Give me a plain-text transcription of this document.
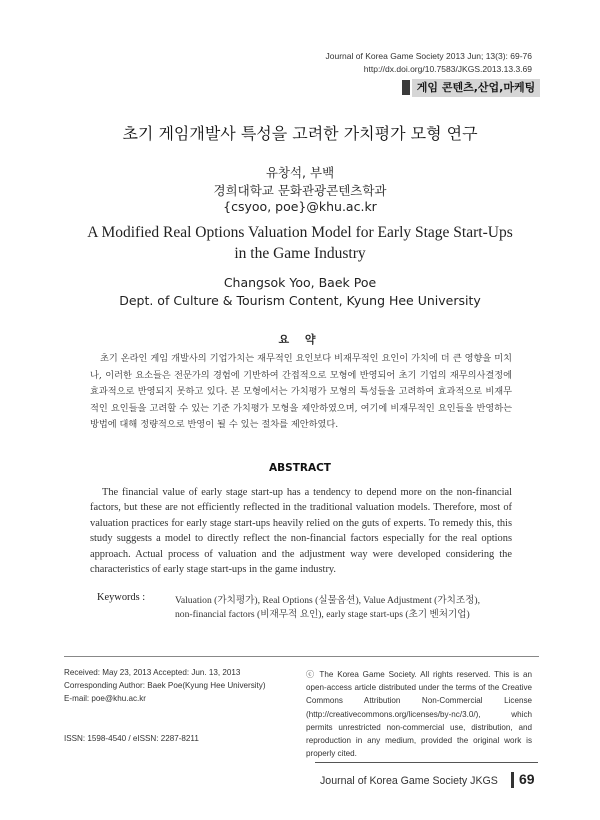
Journal of Korea Game Society 2013 Jun; 13(3): 69-76
http://dx.doi.org/10.7583/JKGS.2013.13.3.69
게임 콘텐츠,산업,마케팅
초기 게임개발사 특성을 고려한 가치평가 모형 연구
유창석, 부백
경희대학교 문화관광콘텐츠학과
{csyoo, poe}@khu.ac.kr
A Modified Real Options Valuation Model for Early Stage Start-Ups
in the Game Industry
Changsok Yoo, Baek Poe
Dept. of Culture & Tourism Content, Kyung Hee University
요 약
초기 온라인 게임 개발사의 기업가치는 재무적인 요인보다 비재무적인 요인이 가치에 더 큰 영향을 미치나, 이러한 요소들은 전문가의 경험에 기반하여 간접적으로 모형에 반영되어 초기 기업의 재무의사결정에 효과적으로 반영되지 못하고 있다. 본 모형에서는 가치평가 모형의 특성들을 고려하여 효과적으로 비재무적인 요인들을 고려할 수 있는 기준 가치평가 모형을 제안하였으며, 여기에 비재무적인 요인들을 반영하는 방법에 대해 정량적으로 반영이 될 수 있는 절차를 제안하였다.
ABSTRACT
The financial value of early stage start-up has a tendency to depend more on the non-financial factors, but these are not efficiently reflected in the traditional valuation models. Therefore, most of valuation practices for early stage start-ups heavily relied on the guts of experts. To remedy this, this study suggests a model to directly reflect the non-financial factors especially for the real options approach. Actual process of valuation and the adjustment way were developed considering the characteristics of early stage start-ups in the game industry.
Keywords :	Valuation (가치평가), Real Options (실물옵션), Value Adjustment (가치조정),
non-financial factors (비재무적 요인), early stage start-ups (초기 벤처기업)
Received: May 23, 2013 Accepted: Jun. 13, 2013
Corresponding Author: Baek Poe(Kyung Hee University)
E-mail: poe@khu.ac.kr
ISSN: 1598-4540 / eISSN: 2287-8211
ⓒ The Korea Game Society. All rights reserved. This is an open-access article distributed under the terms of the Creative Commons Attribution Non-Commercial License (http://creativecommons.org/licenses/by-nc/3.0/), which permits unrestricted non-commercial use, distribution, and reproduction in any medium, provided the original work is properly cited.
Journal of Korea Game Society JKGS 69
